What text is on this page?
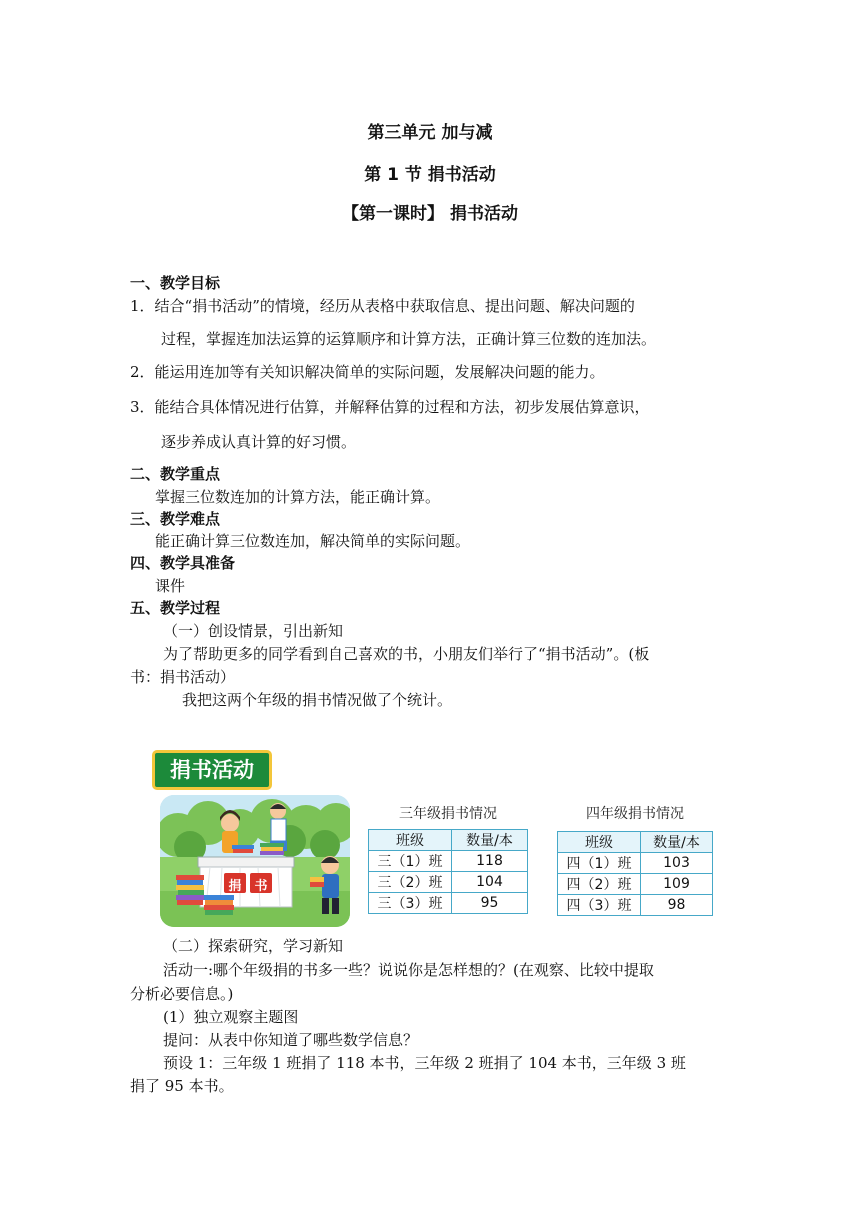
第三单元 加与减
第 1 节 捐书活动
【第一课时】 捐书活动
一、教学目标
1．结合“捐书活动”的情境，经历从表格中获取信息、提出问题、解决问题的
过程，掌握连加法运算的运算顺序和计算方法，正确计算三位数的连加法。
2．能运用连加等有关知识解决简单的实际问题，发展解决问题的能力。
3．能结合具体情况进行估算，并解释估算的过程和方法，初步发展估算意识，
逐步养成认真计算的好习惯。
二、教学重点
掌握三位数连加的计算方法，能正确计算。
三、教学难点
能正确计算三位数连加，解决简单的实际问题。
四、教学具准备
课件
五、教学过程
（一）创设情景，引出新知
为了帮助更多的同学看到自己喜欢的书，小朋友们举行了“捐书活动”。(板
书：捐书活动）
我把这两个年级的捐书情况做了个统计。
捐书活动
捐 书
三年级捐书情况
班级	数量/本
三（1）班	118
三（2）班	104
三（3）班	95
四年级捐书情况
班级	数量/本
四（1）班	103
四（2）班	109
四（3）班	98
（二）探索研究，学习新知
活动一:哪个年级捐的书多一些？说说你是怎样想的？(在观察、比较中提取
分析必要信息。)
(1）独立观察主题图
提问：从表中你知道了哪些数学信息？
预设 1：三年级 1 班捐了 118 本书，三年级 2 班捐了 104 本书，三年级 3 班
捐了 95 本书。
